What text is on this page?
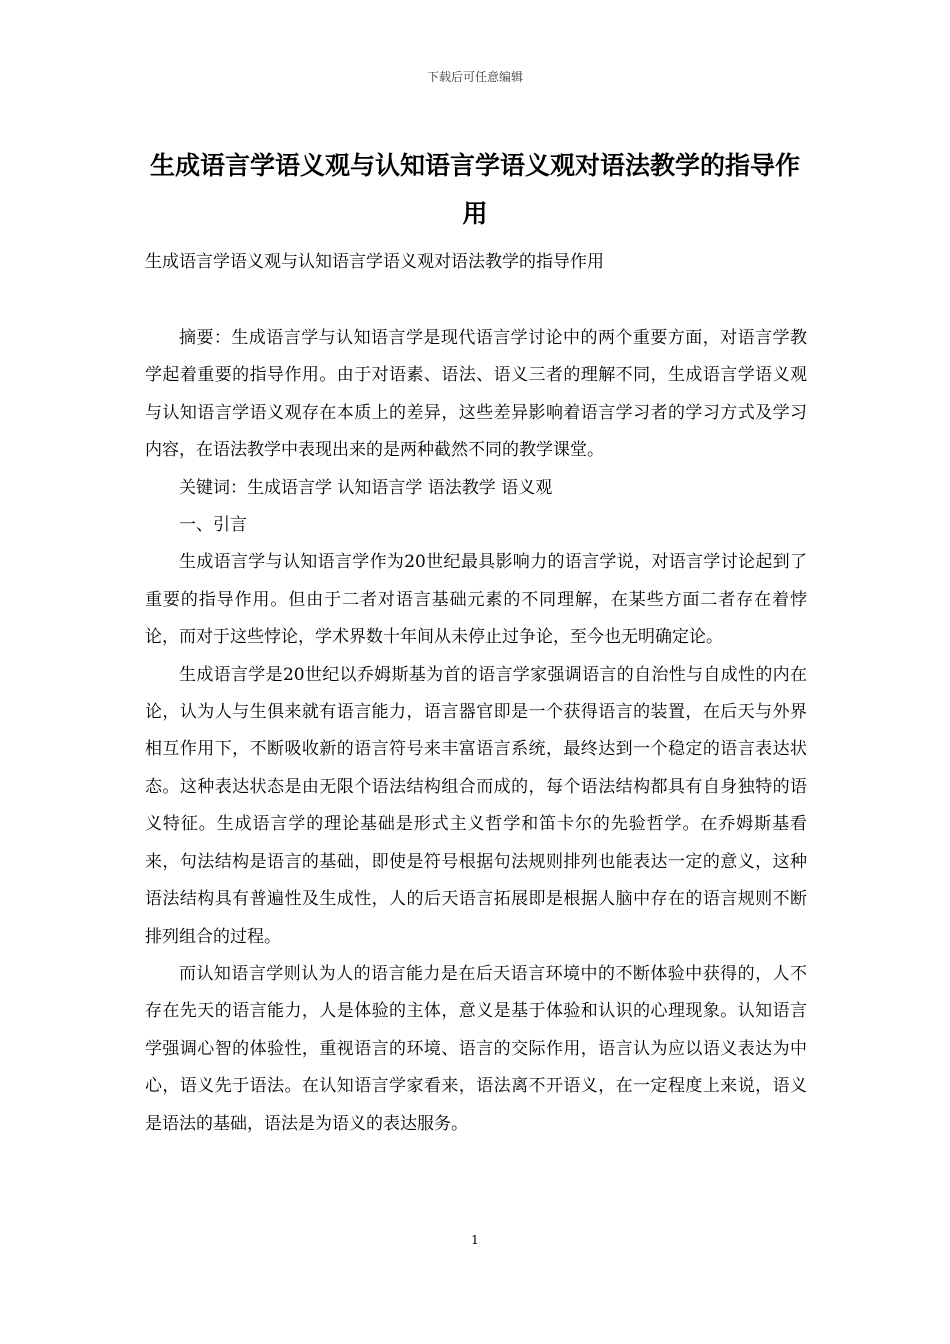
下载后可任意编辑
生成语言学语义观与认知语言学语义观对语法教学的指导作用
生成语言学语义观与认知语言学语义观对语法教学的指导作用

摘要：生成语言学与认知语言学是现代语言学讨论中的两个重要方面，对语言学教学起着重要的指导作用。由于对语素、语法、语义三者的理解不同，生成语言学语义观与认知语言学语义观存在本质上的差异，这些差异影响着语言学习者的学习方式及学习内容，在语法教学中表现出来的是两种截然不同的教学课堂。

关键词：生成语言学 认知语言学 语法教学 语义观

一、引言

生成语言学与认知语言学作为20世纪最具影响力的语言学说，对语言学讨论起到了重要的指导作用。但由于二者对语言基础元素的不同理解，在某些方面二者存在着悖论，而对于这些悖论，学术界数十年间从未停止过争论，至今也无明确定论。

生成语言学是20世纪以乔姆斯基为首的语言学家强调语言的自治性与自成性的内在论，认为人与生俱来就有语言能力，语言器官即是一个获得语言的装置，在后天与外界相互作用下，不断吸收新的语言符号来丰富语言系统，最终达到一个稳定的语言表达状态。这种表达状态是由无限个语法结构组合而成的，每个语法结构都具有自身独特的语义特征。生成语言学的理论基础是形式主义哲学和笛卡尔的先验哲学。在乔姆斯基看来，句法结构是语言的基础，即使是符号根据句法规则排列也能表达一定的意义，这种语法结构具有普遍性及生成性，人的后天语言拓展即是根据人脑中存在的语言规则不断排列组合的过程。

而认知语言学则认为人的语言能力是在后天语言环境中的不断体验中获得的，人不存在先天的语言能力，人是体验的主体，意义是基于体验和认识的心理现象。认知语言学强调心智的体验性，重视语言的环境、语言的交际作用，语言认为应以语义表达为中心，语义先于语法。在认知语言学家看来，语法离不开语义，在一定程度上来说，语义是语法的基础，语法是为语义的表达服务。

1
